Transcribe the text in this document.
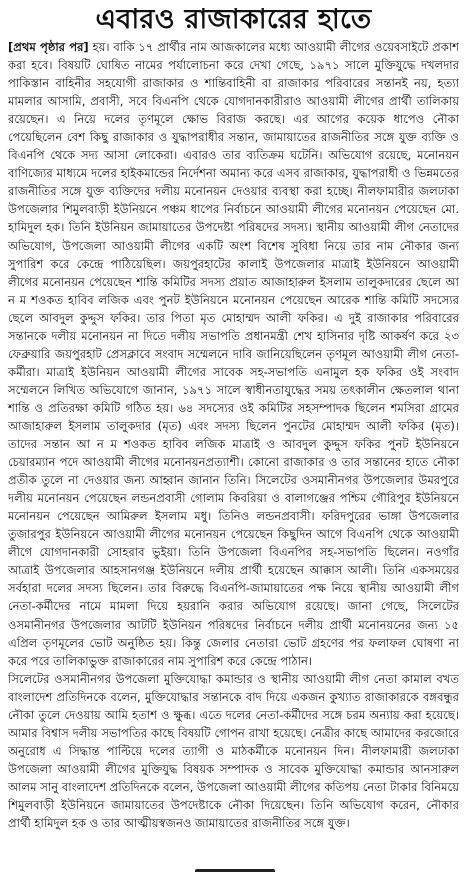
এবারও রাজাকারের হাতে

[প্রথম পৃষ্ঠার পর] হয়। বাকি ১৭ প্রার্থীর নাম আজকালের মধ্যে আওয়ামী লীগের ওয়েবসাইটে প্রকাশ করা হবে। বিষয়টি ঘোষিত নামের পর্যালোচনা করে দেখা গেছে, ১৯৭১ সালে মুক্তিযুদ্ধে দখলদার পাকিস্তান বাহিনীর সহযোগী রাজাকার ও শান্তিবাহিনী বা রাজাকার পরিবারের সন্তানই নয়, হত্যা মামলার আসামি, প্রবাসী, সবে বিএনপি থেকে যোগদানকারীরাও আওয়ামী লীগের প্রার্থী তালিকায় রয়েছেন। এ নিয়ে দলের তৃণমূলে ক্ষোভ বিরাজ করছে। এর আগের কয়েক ধাপেও নৌকা পেয়েছিলেন বেশ কিছু রাজাকার ও যুদ্ধাপরাধীর সন্তান, জামায়াতের রাজনীতির সঙ্গে যুক্ত ব্যক্তি ও বিএনপি থেকে সদ্য আসা লোকেরা। এবারও তার ব্যতিক্রম ঘটেনি। অভিযোগ রয়েছে, মনোনয়ন বাণিজ্যের মাধ্যমে দলের হাইকমান্ডের নির্দেশনা অমান্য করে এসব রাজাকার, যুদ্ধাপরাধী ও ভিন্নমতের রাজনীতির সঙ্গে যুক্ত ব্যক্তিদের দলীয় মনোনয়ন দেওয়ার ব্যবস্থা করা হচ্ছে। নীলফামারীর জলঢাকা উপজেলার শিমুলবাড়ী ইউনিয়নে পঞ্চম ধাপের নির্বাচনে আওয়ামী লীগের মনোনয়ন পেয়েছেন মো. হামিদুল হক। তিনি ইউনিয়ন জামায়াতের উপদেষ্টা পরিষদের সদস্য। স্থানীয় আওয়ামী লীগ নেতাদের অভিযোগ, উপজেলা আওয়ামী লীগের একটি অংশ বিশেষ সুবিধা নিয়ে তার নাম নৌকার জন্য সুপারিশ করে কেন্দ্রে পাঠিয়েছিল। জয়পুরহাটের কালাই উপজেলার মাত্রাই ইউনিয়নে আওয়ামী লীগের মনোনয়ন পেয়েছেন শান্তি কমিটির সদস্য প্রয়াত আজাহারুল ইসলাম তালুকদারের ছেলে আ ন ম শওকত হাবিব লজিক এবং পুনট ইউনিয়নে মনোনয়ন পেয়েছেন আরেক শান্তি কমিটি সদস্যের ছেলে আবদুল কুদ্দুস ফকির। তার পিতা মৃত মোহাম্মদ আলী ফকির। এ দুই রাজাকার পরিবারের সন্তানকে দলীয় মনোনয়ন না দিতে দলীয় সভাপতি প্রধানমন্ত্রী শেখ হাসিনার দৃষ্টি আকর্ষণ করে ২৩ ফেব্রুয়ারি জয়পুরহাট প্রেসক্লাবে সংবাদ সম্মেলনে দাবি জানিয়েছিলেন তৃণমূল আওয়ামী লীগ নেতা-কর্মীরা। মাত্রাই ইউনিয়ন আওয়ামী লীগের সাবেক সহ-সভাপতি এনামুল হক ফকির ওই সংবাদ সম্মেলনে লিখিত অভিযোগে জানান, ১৯৭১ সালে স্বাধীনতাযুদ্ধের সময় তৎকালীন ক্ষেতলাল থানা শান্তি ও প্রতিরক্ষা কমিটি গঠিত হয়। ৬৪ সদস্যের ওই কমিটির সহসম্পাদক ছিলেন শমসিরা গ্রামের আজাহারুল ইসলাম তালুকদার (মৃত) এবং সদস্য ছিলেন পুনটের মোহাম্মদ আলী ফকির (মৃত)। তাদের সন্তান আ ন ম শওকত হাবিব লজিক মাত্রাই ও আবদুল কুদ্দুস ফকির পুনট ইউনিয়নে চেয়ারম্যান পদে আওয়ামী লীগের মনোনয়নপ্রত্যাশী। কোনো রাজাকার ও তার সন্তানের হাতে নৌকা প্রতীক তুলে না দেওয়ার জন্য আহ্বান জানান তিনি। সিলেটের ওসমানীনগর উপজেলার উমরপুরে দলীয় মনোনয়ন পেয়েছেন লন্ডনপ্রবাসী গোলাম কিবরিয়া ও বালাগঞ্জের পশ্চিম গৌরিপুর ইউনিয়নে মনোনয়ন পেয়েছেন আমিরুল ইসলাম মধু। তিনিও লন্ডনপ্রবাসী। ফরিদপুরের ভাঙ্গা উপজেলার তুজারপুর ইউনিয়নে আওয়ামী লীগের মনোনয়ন পেয়েছেন কিছুদিন আগে বিএনপি থেকে আওয়ামী লীগে যোগদানকারী সোহরাব ভুইয়া। তিনি উপজেলা বিএনপির সহ-সভাপতি ছিলেন। নওগাঁর আত্রাই উপজেলার আহসানগঞ্জ ইউনিয়নে দলীয় প্রার্থী হয়েছেন আক্কাস আলী। তিনি একসময়ের সর্বহারা দলের সদস্য ছিলেন। তার বিরুদ্ধে বিএনপি-জামায়াতের পক্ষ নিয়ে স্থানীয় আওয়ামী লীগ নেতা-কর্মীদের নামে মামলা দিয়ে হয়রানি করার অভিযোগ রয়েছে। জানা গেছে, সিলেটের ওসমানীনগর উপজেলার আটটি ইউনিয়ন পরিষদের নির্বাচনে দলীয় প্রার্থী মনোনয়নের জন্য ১৫ এপ্রিল তৃণমূলের ভোট অনুষ্ঠিত হয়। কিন্তু জেলার নেতারা ভোট গ্রহণের পর ফলাফল ঘোষণা না করে পরে তালিকাভুক্ত রাজাকারের নাম সুপারিশ করে কেন্দ্রে পাঠান।

সিলেটের ওসমানীনগর উপজেলা মুক্তিযোদ্ধা কমান্ডার ও স্থানীয় আওয়ামী লীগ নেতা কামাল বখত বাংলাদেশ প্রতিদিনকে বলেন, মুক্তিযোদ্ধার সন্তানকে বাদ দিয়ে একজন কুখ্যাত রাজাকারকে বঙ্গবন্ধুর নৌকা তুলে দেওয়ায় আমি হতাশ ও ক্ষুব্ধ। এতে দলের নেতা-কর্মীদের সঙ্গে চরম অন্যায় করা হয়েছে। আমার বিশ্বাস দলীয় সভাপতির কাছে বিষয়টি গোপন রাখা হয়েছে। নেত্রীর কাছে আমাদের করজোরে অনুরোধ এ সিদ্ধান্ত পাল্টিয়ে দলের ত্যাগী ও মাঠকর্মীকে মনোনয়ন দিন। নীলফামারী জলঢাকা উপজেলা আওয়ামী লীগের মুক্তিযুদ্ধ বিষয়ক সম্পাদক ও সাবেক মুক্তিযোদ্ধা কমান্ডার আনসারুল আলম সানু বাংলাদেশ প্রতিদিনকে বলেন, উপজেলা আওয়ামী লীগের কতিপয় নেতা টাকার বিনিময়ে শিমুলবাড়ী ইউনিয়নে জামায়াতের উপদেষ্টাকে নৌকা দিয়েছেন। তিনি অভিযোগ করেন, নৌকার প্রার্থী হামিদুল হক ও তার আত্মীয়স্বজনও জামায়াতের রাজনীতির সঙ্গে যুক্ত।
